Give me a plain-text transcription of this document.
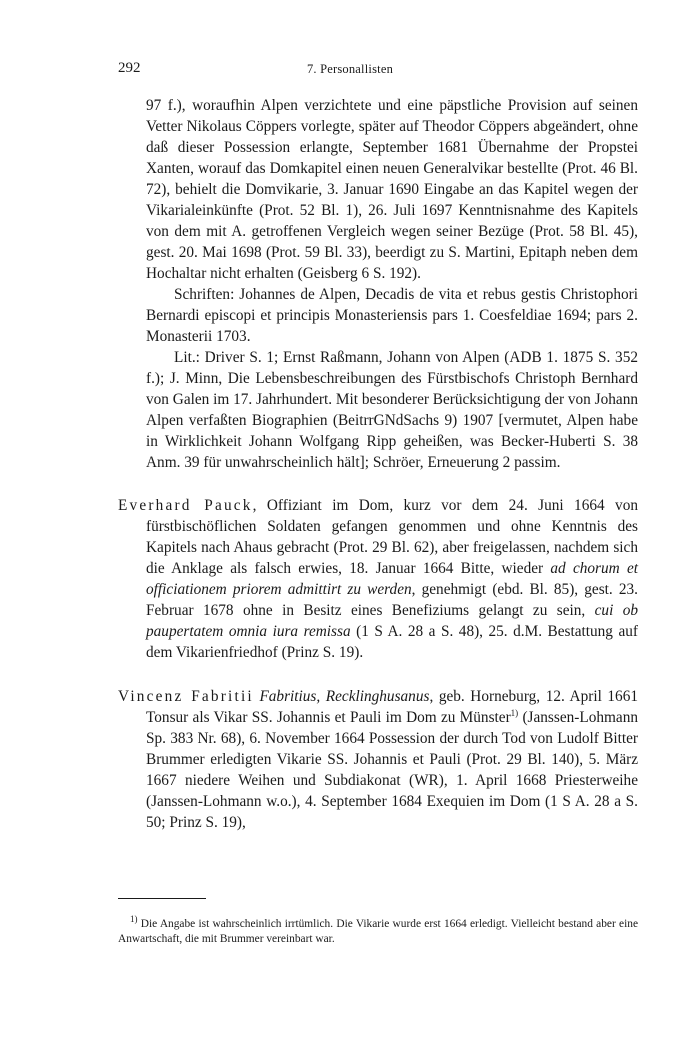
292	7. Personallisten

97 f.), woraufhin Alpen verzichtete und eine päpstliche Provision auf seinen Vetter Nikolaus Cöppers vorlegte, später auf Theodor Cöppers abgeändert, ohne daß dieser Possession erlangte, September 1681 Übernahme der Propstei Xanten, worauf das Domkapitel einen neuen Generalvikar bestellte (Prot. 46 Bl. 72), behielt die Domvikarie, 3. Januar 1690 Eingabe an das Kapitel wegen der Vikarialeinkünfte (Prot. 52 Bl. 1), 26. Juli 1697 Kenntnisnahme des Kapitels von dem mit A. getroffenen Vergleich wegen seiner Bezüge (Prot. 58 Bl. 45), gest. 20. Mai 1698 (Prot. 59 Bl. 33), beerdigt zu S. Martini, Epitaph neben dem Hochaltar nicht erhalten (Geisberg 6 S. 192).

Schriften: Johannes de Alpen, Decadis de vita et rebus gestis Christophori Bernardi episcopi et principis Monasteriensis pars 1. Coesfeldiae 1694; pars 2. Monasterii 1703.

Lit.: Driver S. 1; Ernst Raßmann, Johann von Alpen (ADB 1. 1875 S. 352 f.); J. Minn, Die Lebensbeschreibungen des Fürstbischofs Christoph Bernhard von Galen im 17. Jahrhundert. Mit besonderer Berücksichtigung der von Johann Alpen verfaßten Biographien (BeitrrGNdSachs 9) 1907 [vermutet, Alpen habe in Wirklichkeit Johann Wolfgang Ripp geheißen, was Becker-Huberti S. 38 Anm. 39 für unwahrscheinlich hält]; Schröer, Erneuerung 2 passim.

Everhard Pauck, Offiziant im Dom, kurz vor dem 24. Juni 1664 von fürstbischöflichen Soldaten gefangen genommen und ohne Kenntnis des Kapitels nach Ahaus gebracht (Prot. 29 Bl. 62), aber freigelassen, nachdem sich die Anklage als falsch erwies, 18. Januar 1664 Bitte, wieder ad chorum et officiationem priorem admittirt zu werden, genehmigt (ebd. Bl. 85), gest. 23. Februar 1678 ohne in Besitz eines Benefiziums gelangt zu sein, cui ob paupertatem omnia iura remissa (1 S A. 28 a S. 48), 25. d.M. Bestattung auf dem Vikarienfriedhof (Prinz S. 19).

Vincenz Fabritii Fabritius, Recklinghusanus, geb. Horneburg, 12. April 1661 Tonsur als Vikar SS. Johannis et Pauli im Dom zu Münster$^{1)}$ (Janssen-Lohmann Sp. 383 Nr. 68), 6. November 1664 Possession der durch Tod von Ludolf Bitter Brummer erledigten Vikarie SS. Johannis et Pauli (Prot. 29 Bl. 140), 5. März 1667 niedere Weihen und Subdiakonat (WR), 1. April 1668 Priesterweihe (Janssen-Lohmann w.o.), 4. September 1684 Exequien im Dom (1 S A. 28 a S. 50; Prinz S. 19),

$^{1)}$ Die Angabe ist wahrscheinlich irrtümlich. Die Vikarie wurde erst 1664 erledigt. Vielleicht bestand aber eine Anwartschaft, die mit Brummer vereinbart war.
